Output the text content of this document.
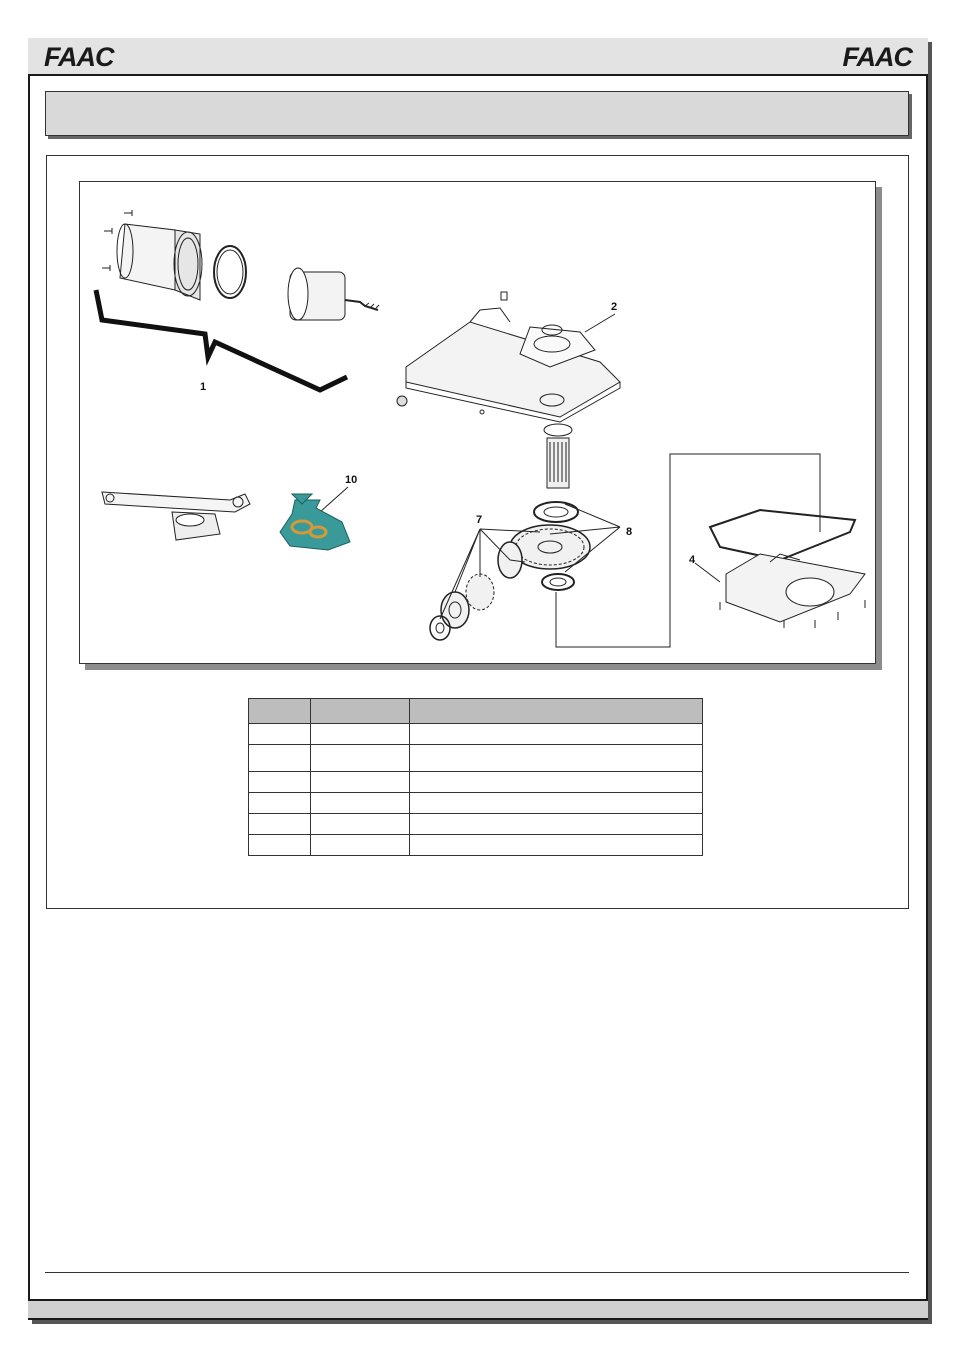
FAAC	FAAC
1
2
4
7
8
10
